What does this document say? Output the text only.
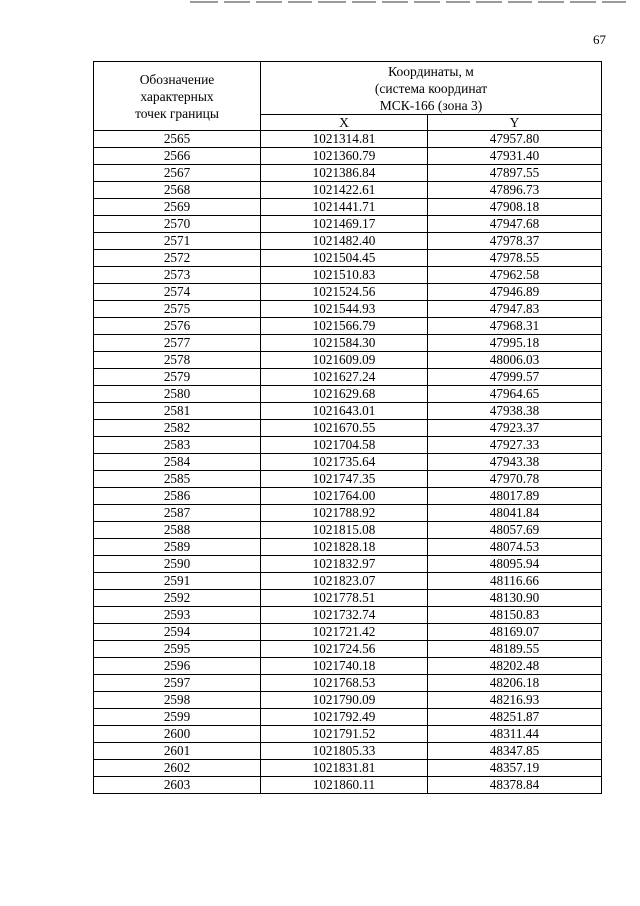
67
Обозначение
характерных
точек границы	Координаты, м
(система координат
МСК-166 (зона 3)	

	X	Y
2565	1021314.81	47957.80
2566	1021360.79	47931.40
2567	1021386.84	47897.55
2568	1021422.61	47896.73
2569	1021441.71	47908.18
2570	1021469.17	47947.68
2571	1021482.40	47978.37
2572	1021504.45	47978.55
2573	1021510.83	47962.58
2574	1021524.56	47946.89
2575	1021544.93	47947.83
2576	1021566.79	47968.31
2577	1021584.30	47995.18
2578	1021609.09	48006.03
2579	1021627.24	47999.57
2580	1021629.68	47964.65
2581	1021643.01	47938.38
2582	1021670.55	47923.37
2583	1021704.58	47927.33
2584	1021735.64	47943.38
2585	1021747.35	47970.78
2586	1021764.00	48017.89
2587	1021788.92	48041.84
2588	1021815.08	48057.69
2589	1021828.18	48074.53
2590	1021832.97	48095.94
2591	1021823.07	48116.66
2592	1021778.51	48130.90
2593	1021732.74	48150.83
2594	1021721.42	48169.07
2595	1021724.56	48189.55
2596	1021740.18	48202.48
2597	1021768.53	48206.18
2598	1021790.09	48216.93
2599	1021792.49	48251.87
2600	1021791.52	48311.44
2601	1021805.33	48347.85
2602	1021831.81	48357.19
2603	1021860.11	48378.84
